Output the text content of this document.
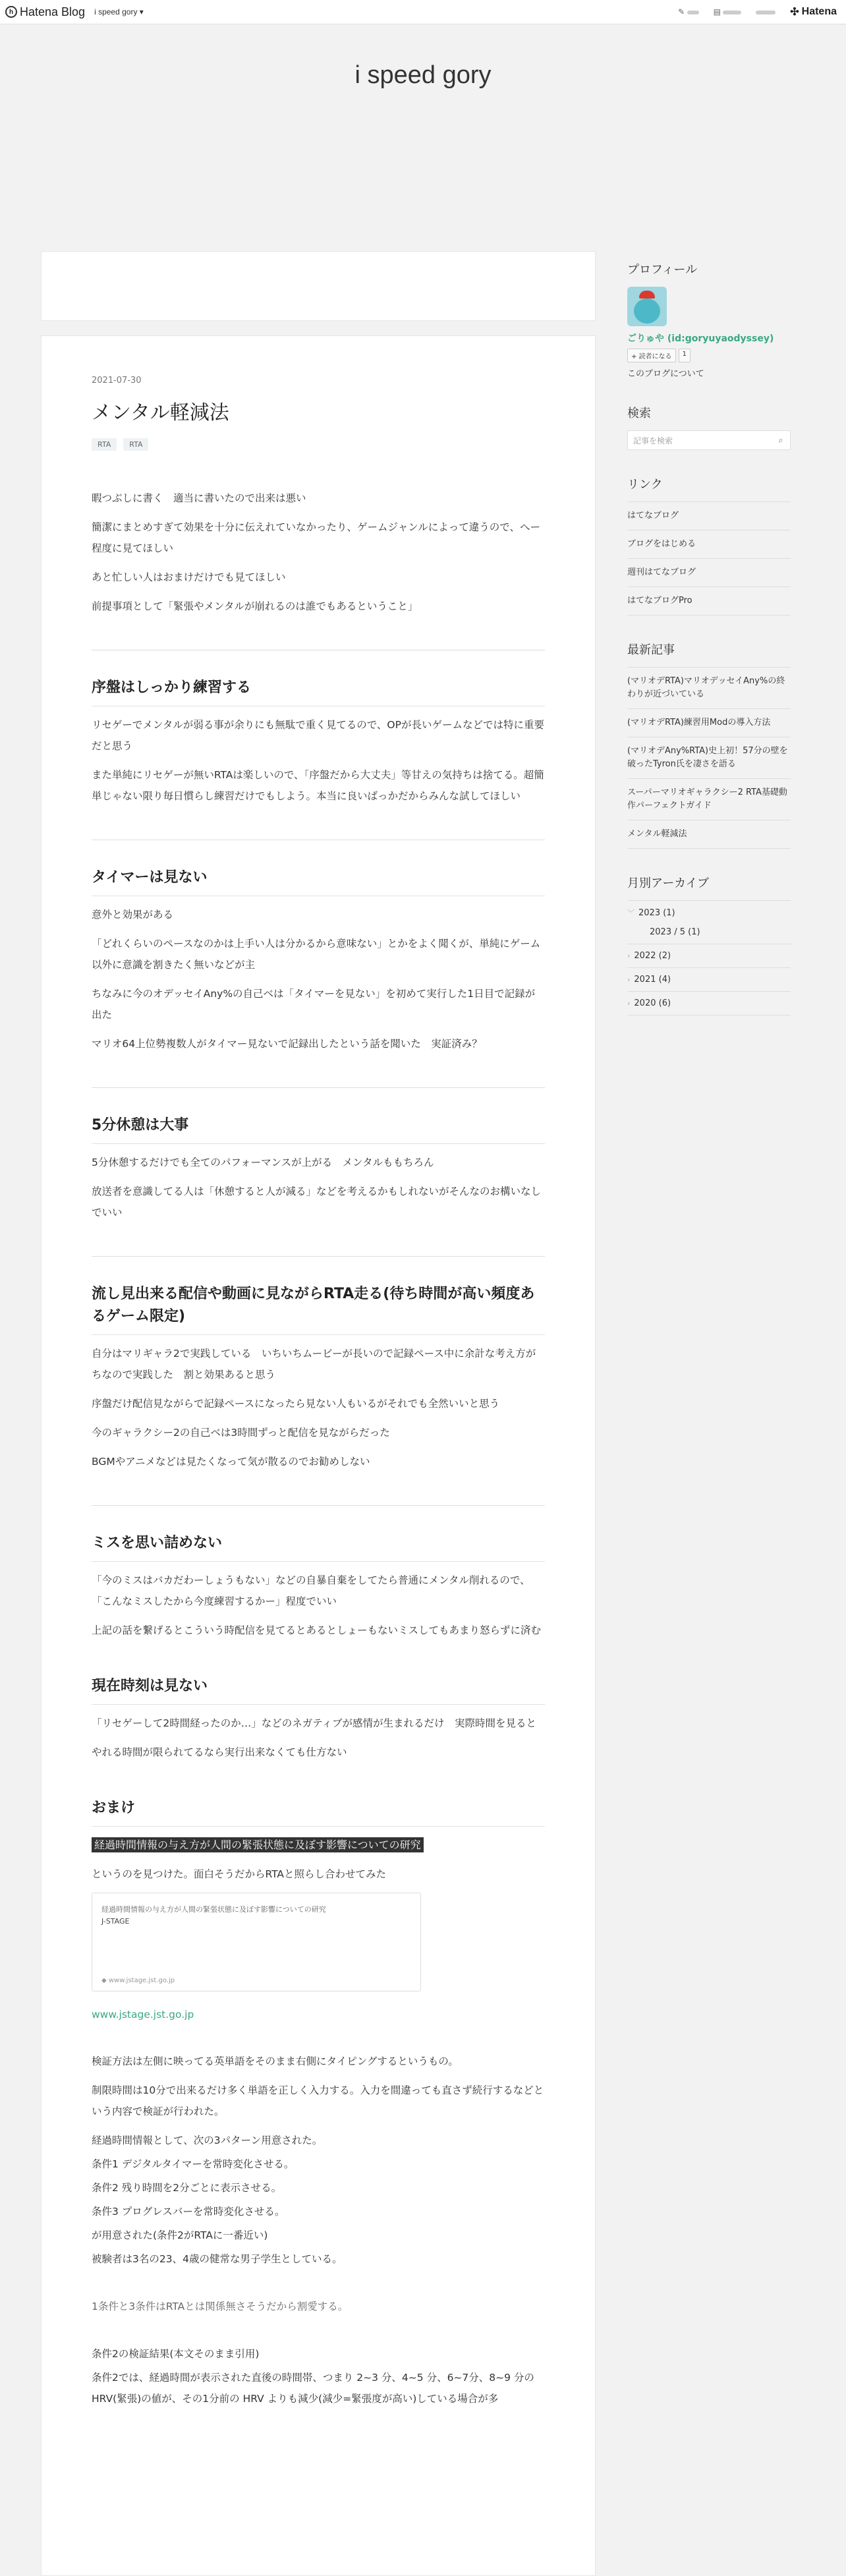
h Hatena Blog i speed gory ▾	✎	▤	✣ Hatena
i speed gory
2021-07-30
メンタル軽減法
RTA	RTA

暇つぶしに書く　適当に書いたので出来は悪い

簡潔にまとめすぎて効果を十分に伝えれていなかったり、ゲームジャンルによって違うので、へー程度に見てほしい

あと忙しい人はおまけだけでも見てほしい

前提事項として「緊張やメンタルが崩れるのは誰でもあるということ」

序盤はしっかり練習する

リセゲーでメンタルが弱る事が余りにも無駄で重く見てるので、OPが長いゲームなどでは特に重要だと思う

また単純にリセゲーが無いRTAは楽しいので、「序盤だから大丈夫」等甘えの気持ちは捨てる。超簡単じゃない限り毎日慣らし練習だけでもしよう。本当に良いばっかだからみんな試してほしい

タイマーは見ない

意外と効果がある

「どれくらいのペースなのかは上手い人は分かるから意味ない」とかをよく聞くが、単純にゲーム以外に意識を割きたく無いなどが主

ちなみに今のオデッセイAny%の自己ベは「タイマーを見ない」を初めて実行した1日目で記録が出た

マリオ64上位勢複数人がタイマー見ないで記録出したという話を聞いた　実証済み？

5分休憩は大事

5分休憩するだけでも全てのパフォーマンスが上がる　メンタルももちろん

放送者を意識してる人は「休憩すると人が減る」などを考えるかもしれないがそんなのお構いなしでいい

流し見出来る配信や動画に見ながらRTA走る(待ち時間が高い頻度あるゲーム限定)

自分はマリギャラ2で実践している　いちいちムービーが長いので記録ペース中に余計な考え方がちなので実践した　割と効果あると思う

序盤だけ配信見ながらで記録ペースになったら見ない人もいるがそれでも全然いいと思う

今のギャラクシー2の自己ベは3時間ずっと配信を見ながらだった

BGMやアニメなどは見たくなって気が散るのでお勧めしない

ミスを思い詰めない

「今のミスはバカだわーしょうもない」などの自暴自棄をしてたら普通にメンタル削れるので、「こんなミスしたから今度練習するかー」程度でいい

上記の話を繋げるとこういう時配信を見てるとあるとしょーもないミスしてもあまり怒らずに済む

現在時刻は見ない

「リセゲーして2時間経ったのか…」などのネガティブが感情が生まれるだけ　実際時間を見ると

やれる時間が限られてるなら実行出来なくても仕方ない

おまけ

経過時間情報の与え方が人間の緊張状態に及ぼす影響についての研究

というのを見つけた。面白そうだからRTAと照らし合わせてみた

経過時間情報の与え方が人間の緊張状態に及ぼす影響についての研究
J-STAGE
◆ www.jstage.jst.go.jp
www.jstage.jst.go.jp

検証方法は左側に映ってる英単語をそのまま右側にタイピングするというもの。

制限時間は10分で出来るだけ多く単語を正しく入力する。入力を間違っても直さず続行するなどという内容で検証が行われた。

経過時間情報として、次の3パターン用意された。

条件1 デジタルタイマーを常時変化させる。

条件2 残り時間を2分ごとに表示させる。

条件3 プログレスバーを常時変化させる。

が用意された(条件2がRTAに一番近い)

被験者は3名の23、4歳の健常な男子学生としている。

1条件と3条件はRTAとは関係無さそうだから割愛する。

条件2の検証結果(本文そのまま引用)

条件2では、経過時間が表示された直後の時間帯、つまり 2~3 分、4~5 分、6~7分、8~9 分の HRV(緊張)の値が、その1分前の HRV よりも減少(減少=緊張度が高い)している場合が多

プロフィール
ごりゅや (id:goryuyaodyssey)
+ 読者になる	1
このブログについて
検索
記事を検索	⌕
リンク
はてなブログ
ブログをはじめる
週刊はてなブログ
はてなブログPro
最新記事
(マリオデRTA)マリオデッセイAny%の終わりが近づいている
(マリオデRTA)練習用Modの導入方法
(マリオデAny%RTA)史上初！57分の壁を破ったTyron氏を凄さを語る
スーパーマリオギャラクシー2 RTA基礎動作パーフェクトガイド
メンタル軽減法
月別アーカイブ
﹀ 2023 (1)
2023 / 5 (1)
› 2022 (2)
› 2021 (4)
› 2020 (6)
